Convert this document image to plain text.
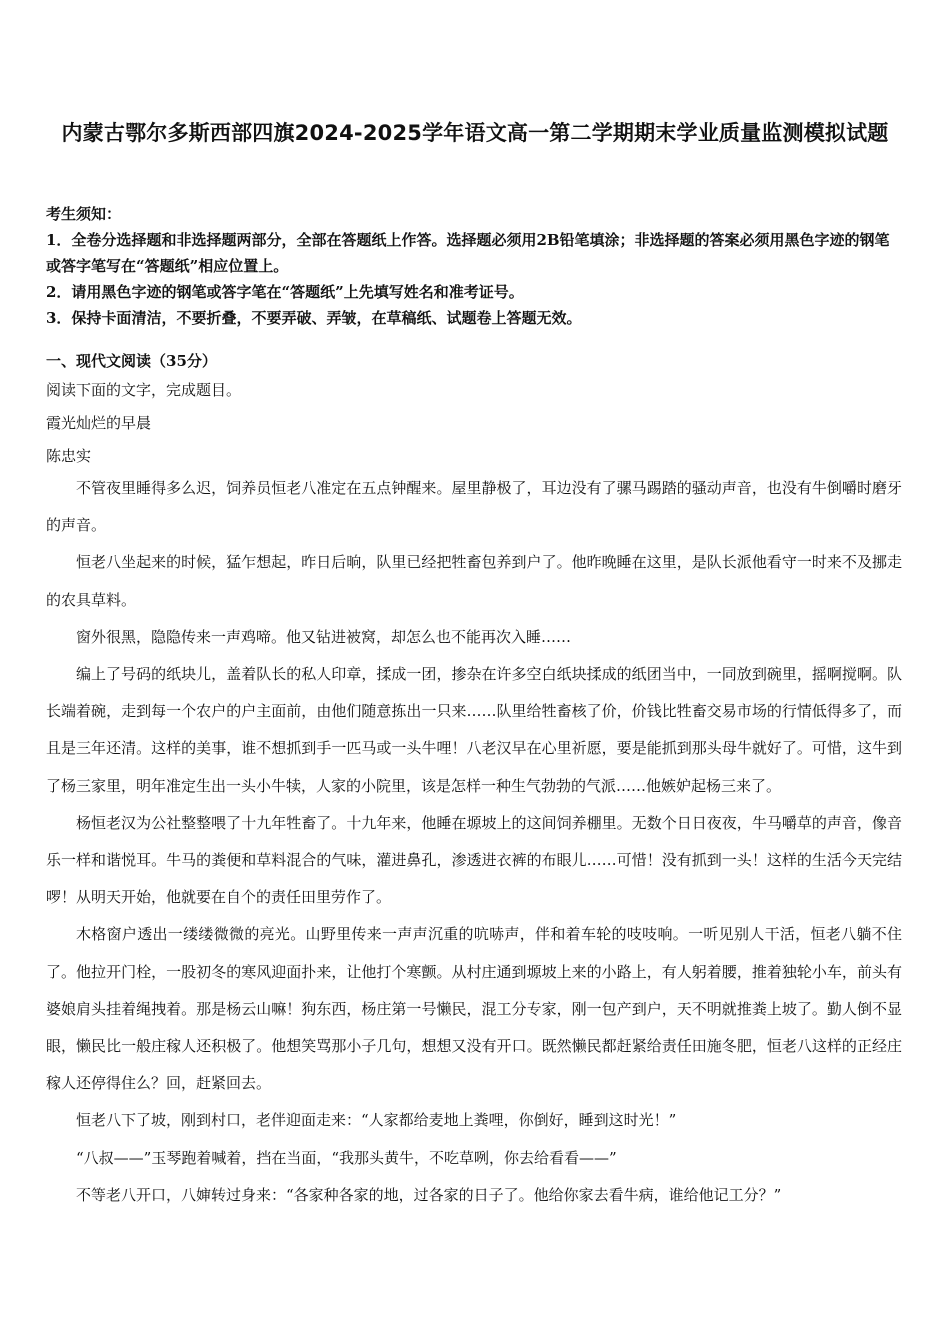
内蒙古鄂尔多斯西部四旗2024-2025学年语文高一第二学期期末学业质量监测模拟试题

考生须知：

1．全卷分选择题和非选择题两部分，全部在答题纸上作答。选择题必须用2B铅笔填涂；非选择题的答案必须用黑色字迹的钢笔或答字笔写在“答题纸”相应位置上。

2．请用黑色字迹的钢笔或答字笔在“答题纸”上先填写姓名和准考证号。

3．保持卡面清洁，不要折叠，不要弄破、弄皱，在草稿纸、试题卷上答题无效。

一、现代文阅读（35分）

阅读下面的文字，完成题目。

霞光灿烂的早晨

陈忠实

不管夜里睡得多么迟，饲养员恒老八准定在五点钟醒来。屋里静极了，耳边没有了骡马踢踏的骚动声音，也没有牛倒嚼时磨牙的声音。

恒老八坐起来的时候，猛乍想起，昨日后晌，队里已经把牲畜包养到户了。他昨晚睡在这里，是队长派他看守一时来不及挪走的农具草料。

窗外很黑，隐隐传来一声鸡啼。他又钻进被窝，却怎么也不能再次入睡……

编上了号码的纸块儿，盖着队长的私人印章，揉成一团，掺杂在许多空白纸块揉成的纸团当中，一同放到碗里，摇啊搅啊。队长端着碗，走到每一个农户的户主面前，由他们随意拣出一只来……队里给牲畜核了价，价钱比牲畜交易市场的行情低得多了，而且是三年还清。这样的美事，谁不想抓到手一匹马或一头牛哩！八老汉早在心里祈愿，要是能抓到那头母牛就好了。可惜，这牛到了杨三家里，明年准定生出一头小牛犊，人家的小院里，该是怎样一种生气勃勃的气派……他嫉妒起杨三来了。

杨恒老汉为公社整整喂了十九年牲畜了。十九年来，他睡在塬坡上的这间饲养棚里。无数个日日夜夜，牛马嚼草的声音，像音乐一样和谐悦耳。牛马的粪便和草料混合的气味，灌进鼻孔，渗透进衣裤的布眼儿……可惜！没有抓到一头！这样的生活今天完结啰！从明天开始，他就要在自个的责任田里劳作了。

木格窗户透出一缕缕微微的亮光。山野里传来一声声沉重的吭哧声，伴和着车轮的吱吱响。一听见别人干活，恒老八躺不住了。他拉开门栓，一股初冬的寒风迎面扑来，让他打个寒颤。从村庄通到塬坡上来的小路上，有人躬着腰，推着独轮小车，前头有婆娘肩头挂着绳拽着。那是杨云山嘛！狗东西，杨庄第一号懒民，混工分专家，刚一包产到户，天不明就推粪上坡了。勤人倒不显眼，懒民比一般庄稼人还积极了。他想笑骂那小子几句，想想又没有开口。既然懒民都赶紧给责任田施冬肥，恒老八这样的正经庄稼人还停得住么？回，赶紧回去。

恒老八下了坡，刚到村口，老伴迎面走来：“人家都给麦地上粪哩，你倒好，睡到这时光！”

“八叔——”玉琴跑着喊着，挡在当面，“我那头黄牛，不吃草咧，你去给看看——”

不等老八开口，八婶转过身来：“各家种各家的地，过各家的日子了。他给你家去看牛病，谁给他记工分？”
